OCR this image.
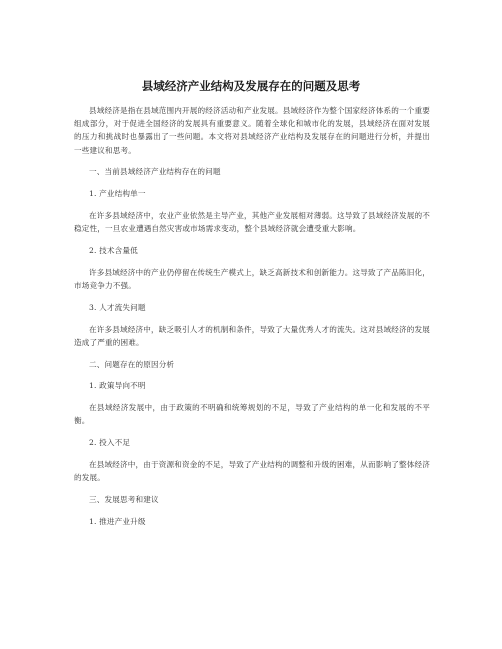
县域经济产业结构及发展存在的问题及思考

县域经济是指在县域范围内开展的经济活动和产业发展。县域经济作为整个国家经济体系的一个重要组成部分，对于促进全国经济的发展具有重要意义。随着全球化和城市化的发展，县域经济在面对发展的压力和挑战时也暴露出了一些问题。本文将对县域经济产业结构及发展存在的问题进行分析，并提出一些建议和思考。

一、当前县域经济产业结构存在的问题

1. 产业结构单一

在许多县域经济中，农业产业依然是主导产业，其他产业发展相对薄弱。这导致了县域经济发展的不稳定性，一旦农业遭遇自然灾害或市场需求变动，整个县域经济就会遭受重大影响。

2. 技术含量低

许多县域经济中的产业仍停留在传统生产模式上，缺乏高新技术和创新能力。这导致了产品陈旧化，市场竞争力不强。

3. 人才流失问题

在许多县域经济中，缺乏吸引人才的机制和条件，导致了大量优秀人才的流失。这对县域经济的发展造成了严重的困难。

二、问题存在的原因分析

1. 政策导向不明

在县域经济发展中，由于政策的不明确和统筹规划的不足，导致了产业结构的单一化和发展的不平衡。

2. 投入不足

在县域经济中，由于资源和资金的不足，导致了产业结构的调整和升级的困难，从而影响了整体经济的发展。

三、发展思考和建议

1. 推进产业升级
